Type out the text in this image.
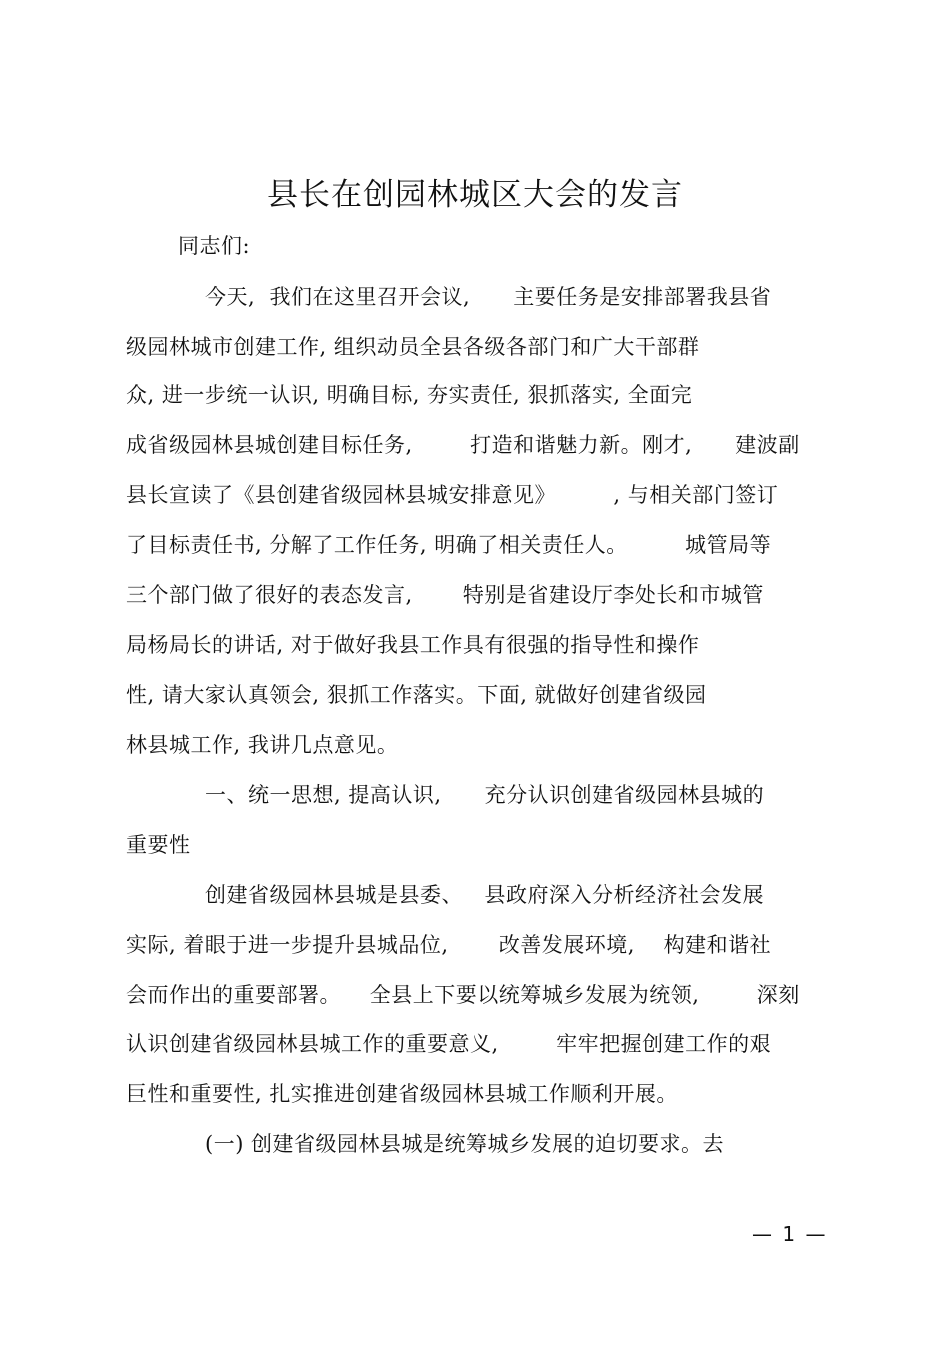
县长在创园林城区大会的发言
同志们:
今天,  我们在这里召开会议,      主要任务是安排部署我县省
级园林城市创建工作, 组织动员全县各级各部门和广大干部群
众, 进一步统一认识, 明确目标, 夯实责任, 狠抓落实, 全面完
成省级园林县城创建目标任务,        打造和谐魅力新。刚才,      建波副
县长宣读了《县创建省级园林县城安排意见》        , 与相关部门签订
了目标责任书, 分解了工作任务, 明确了相关责任人。        城管局等
三个部门做了很好的表态发言,       特别是省建设厅李处长和市城管
局杨局长的讲话, 对于做好我县工作具有很强的指导性和操作
性, 请大家认真领会, 狠抓工作落实。下面, 就做好创建省级园
林县城工作, 我讲几点意见。
一、统一思想, 提高认识,      充分认识创建省级园林县城的
重要性
创建省级园林县城是县委、   县政府深入分析经济社会发展
实际, 着眼于进一步提升县城品位,       改善发展环境,    构建和谐社
会而作出的重要部署。    全县上下要以统筹城乡发展为统领,        深刻
认识创建省级园林县城工作的重要意义,        牢牢把握创建工作的艰
巨性和重要性, 扎实推进创建省级园林县城工作顺利开展。
(一) 创建省级园林县城是统筹城乡发展的迫切要求。去
— 1 —
